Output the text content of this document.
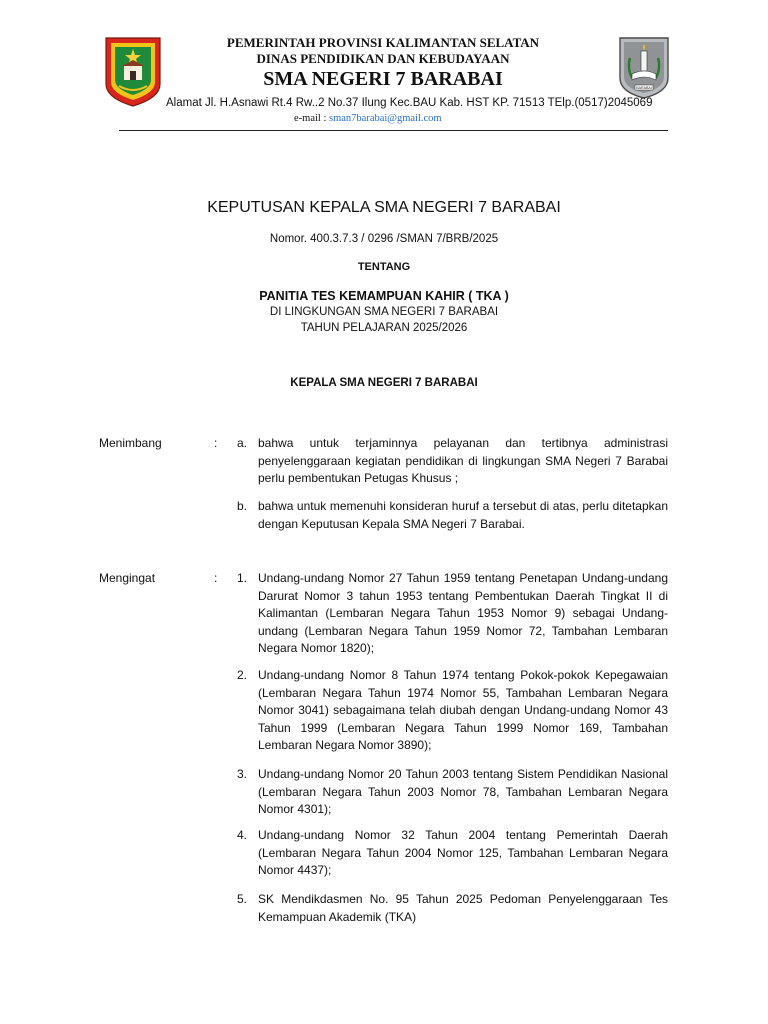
BARABAI
PEMERINTAH PROVINSI KALIMANTAN SELATAN
DINAS PENDIDIKAN DAN KEBUDAYAAN
SMA NEGERI 7 BARABAI
Alamat Jl. H.Asnawi Rt.4 Rw..2 No.37 Ilung Kec.BAU Kab. HST KP. 71513 TElp.(0517)2045069
e-mail : sman7barabai@gmail.com
KEPUTUSAN KEPALA SMA NEGERI 7 BARABAI
Nomor. 400.3.7.3 / 0296 /SMAN 7/BRB/2025
TENTANG
PANITIA TES KEMAMPUAN KAHIR ( TKA )
DI LINGKUNGAN SMA NEGERI 7 BARABAI
TAHUN PELAJARAN 2025/2026
KEPALA SMA NEGERI 7 BARABAI
Menimbang	: a. bahwa untuk terjaminnya pelayanan dan tertibnya administrasi penyelenggaraan kegiatan pendidikan di lingkungan SMA Negeri 7 Barabai perlu pembentukan Petugas Khusus ;
b. bahwa untuk memenuhi konsideran huruf a tersebut di atas, perlu ditetapkan dengan Keputusan Kepala SMA Negeri 7 Barabai.
Mengingat	: 1. Undang-undang Nomor 27 Tahun 1959 tentang Penetapan Undang-undang Darurat Nomor 3 tahun 1953 tentang Pembentukan Daerah Tingkat II di Kalimantan (Lembaran Negara Tahun 1953 Nomor 9) sebagai Undang-undang (Lembaran Negara Tahun 1959 Nomor 72, Tambahan Lembaran Negara Nomor 1820);
2. Undang-undang Nomor 8 Tahun 1974 tentang Pokok-pokok Kepegawaian (Lembaran Negara Tahun 1974 Nomor 55, Tambahan Lembaran Negara Nomor 3041) sebagaimana telah diubah dengan Undang-undang Nomor 43 Tahun 1999 (Lembaran Negara Tahun 1999 Nomor 169, Tambahan Lembaran Negara Nomor 3890);
3. Undang-undang Nomor 20 Tahun 2003 tentang Sistem Pendidikan Nasional (Lembaran Negara Tahun 2003 Nomor 78, Tambahan Lembaran Negara Nomor 4301);
4. Undang-undang Nomor 32 Tahun 2004 tentang Pemerintah Daerah (Lembaran Negara Tahun 2004 Nomor 125, Tambahan Lembaran Negara Nomor 4437);
5. SK Mendikdasmen No. 95 Tahun 2025 Pedoman Penyelenggaraan Tes Kemampuan Akademik (TKA)
